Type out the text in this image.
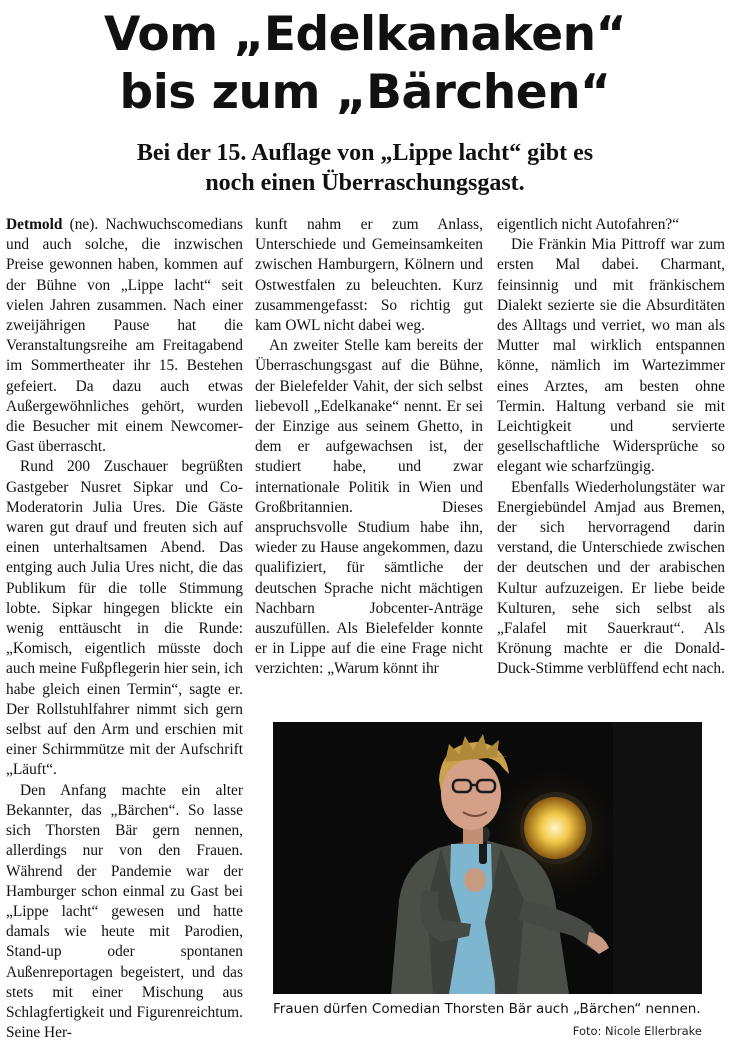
Vom „Edelkanaken“
bis zum „Bärchen“
Bei der 15. Auflage von „Lippe lacht“ gibt es
noch einen Überraschungsgast.

Detmold (ne). Nachwuchscomedians und auch solche, die inzwischen Preise gewonnen haben, kommen auf der Bühne von „Lippe lacht“ seit vielen Jahren zusammen. Nach einer zweijährigen Pause hat die Veranstaltungsreihe am Freitagabend im Sommertheater ihr 15. Bestehen gefeiert. Da dazu auch etwas Außergewöhnliches gehört, wurden die Besucher mit einem Newcomer-Gast überrascht.

Rund 200 Zuschauer begrüßten Gastgeber Nusret Sipkar und Co-Moderatorin Julia Ures. Die Gäste waren gut drauf und freuten sich auf einen unterhaltsamen Abend. Das entging auch Julia Ures nicht, die das Publikum für die tolle Stimmung lobte. Sipkar hingegen blickte ein wenig enttäuscht in die Runde: „Komisch, eigentlich müsste doch auch meine Fußpflegerin hier sein, ich habe gleich einen Termin“, sagte er. Der Rollstuhlfahrer nimmt sich gern selbst auf den Arm und erschien mit einer Schirmmütze mit der Aufschrift „Läuft“.

Den Anfang machte ein alter Bekannter, das „Bärchen“. So lasse sich Thorsten Bär gern nennen, allerdings nur von den Frauen. Während der Pandemie war der Hamburger schon einmal zu Gast bei „Lippe lacht“ gewesen und hatte damals wie heute mit Parodien, Stand-up oder spontanen Außenreportagen begeistert, und das stets mit einer Mischung aus Schlagfertigkeit und Figurenreichtum. Seine Her-

kunft nahm er zum Anlass, Unterschiede und Gemeinsamkeiten zwischen Hamburgern, Kölnern und Ostwestfalen zu beleuchten. Kurz zusammengefasst: So richtig gut kam OWL nicht dabei weg.

An zweiter Stelle kam bereits der Überraschungsgast auf die Bühne, der Bielefelder Vahit, der sich selbst liebevoll „Edelkanake“ nennt. Er sei der Einzige aus seinem Ghetto, in dem er aufgewachsen ist, der studiert habe, und zwar internationale Politik in Wien und Großbritannien. Dieses anspruchsvolle Studium habe ihn, wieder zu Hause angekommen, dazu qualifiziert, für sämtliche der deutschen Sprache nicht mächtigen Nachbarn Jobcenter-Anträge auszufüllen. Als Bielefelder konnte er in Lippe auf die eine Frage nicht verzichten: „Warum könnt ihr

eigentlich nicht Autofahren?“

Die Fränkin Mia Pittroff war zum ersten Mal dabei. Charmant, feinsinnig und mit fränkischem Dialekt sezierte sie die Absurditäten des Alltags und verriet, wo man als Mutter mal wirklich entspannen könne, nämlich im Wartezimmer eines Arztes, am besten ohne Termin. Haltung verband sie mit Leichtigkeit und servierte gesellschaftliche Widersprüche so elegant wie scharfzüngig.

Ebenfalls Wiederholungstäter war Energiebündel Amjad aus Bremen, der sich hervorragend darin verstand, die Unterschiede zwischen der deutschen und der arabischen Kultur aufzuzeigen. Er liebe beide Kulturen, sehe sich selbst als „Falafel mit Sauerkraut“. Als Krönung machte er die Donald-Duck-Stimme verblüffend echt nach.

Frauen dürfen Comedian Thorsten Bär auch „Bärchen“ nennen.
Foto: Nicole Ellerbrake
